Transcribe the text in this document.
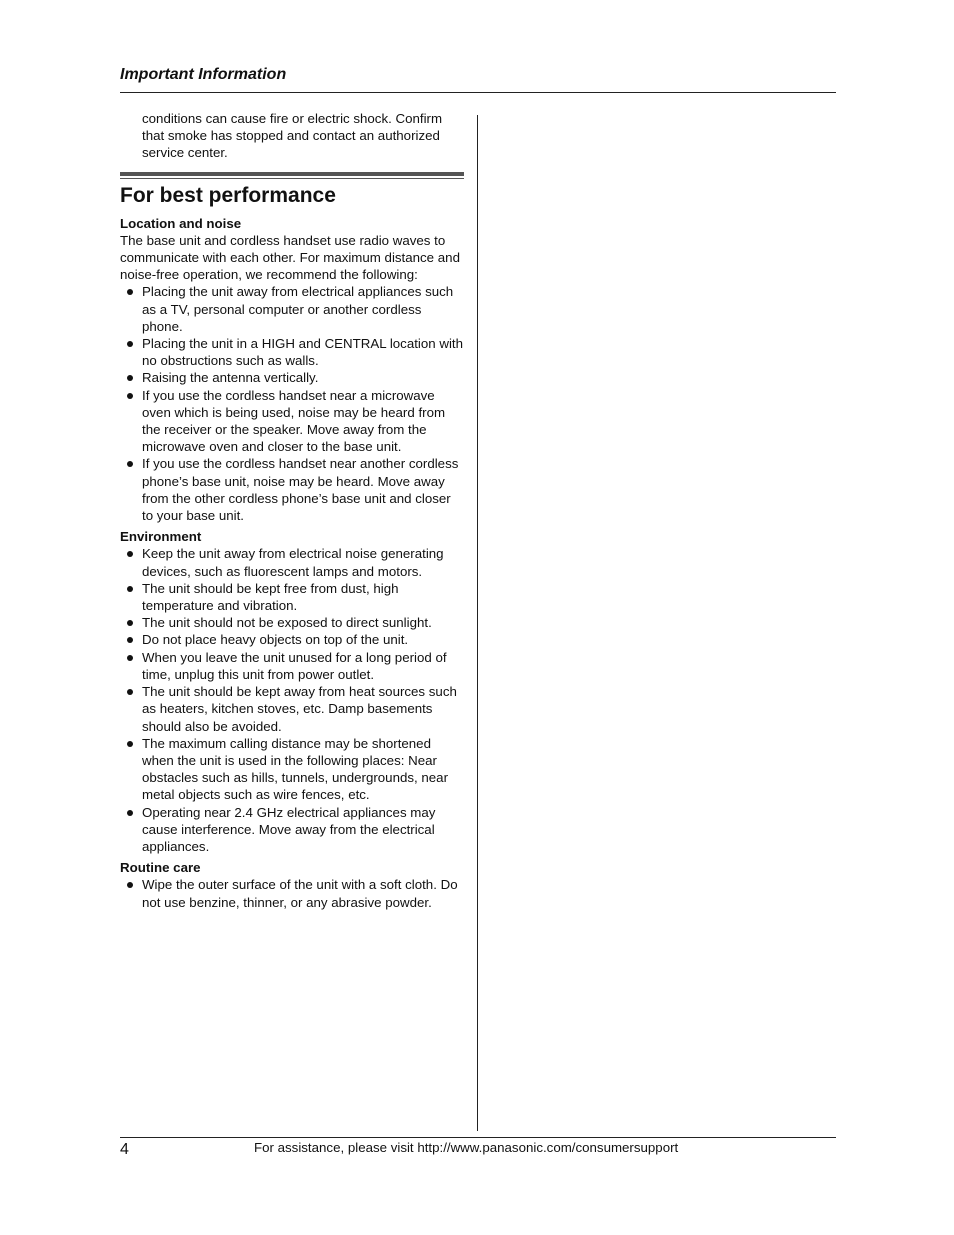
Important Information

conditions can cause fire or electric shock. Confirm that smoke has stopped and contact an authorized service center.

For best performance

Location and noise

The base unit and cordless handset use radio waves to communicate with each other. For maximum distance and noise-free operation, we recommend the following:

Placing the unit away from electrical appliances such as a TV, personal computer or another cordless phone.
Placing the unit in a HIGH and CENTRAL location with no obstructions such as walls.
Raising the antenna vertically.
If you use the cordless handset near a microwave oven which is being used, noise may be heard from the receiver or the speaker. Move away from the microwave oven and closer to the base unit.
If you use the cordless handset near another cordless phone’s base unit, noise may be heard. Move away from the other cordless phone’s base unit and closer to your base unit.

Environment

Keep the unit away from electrical noise generating devices, such as fluorescent lamps and motors.
The unit should be kept free from dust, high temperature and vibration.
The unit should not be exposed to direct sunlight.
Do not place heavy objects on top of the unit.
When you leave the unit unused for a long period of time, unplug this unit from power outlet.
The unit should be kept away from heat sources such as heaters, kitchen stoves, etc. Damp basements should also be avoided.
The maximum calling distance may be shortened when the unit is used in the following places: Near obstacles such as hills, tunnels, undergrounds, near metal objects such as wire fences, etc.
Operating near 2.4 GHz electrical appliances may cause interference. Move away from the electrical appliances.

Routine care

Wipe the outer surface of the unit with a soft cloth. Do not use benzine, thinner, or any abrasive powder.
4	For assistance, please visit http://www.panasonic.com/consumersupport
